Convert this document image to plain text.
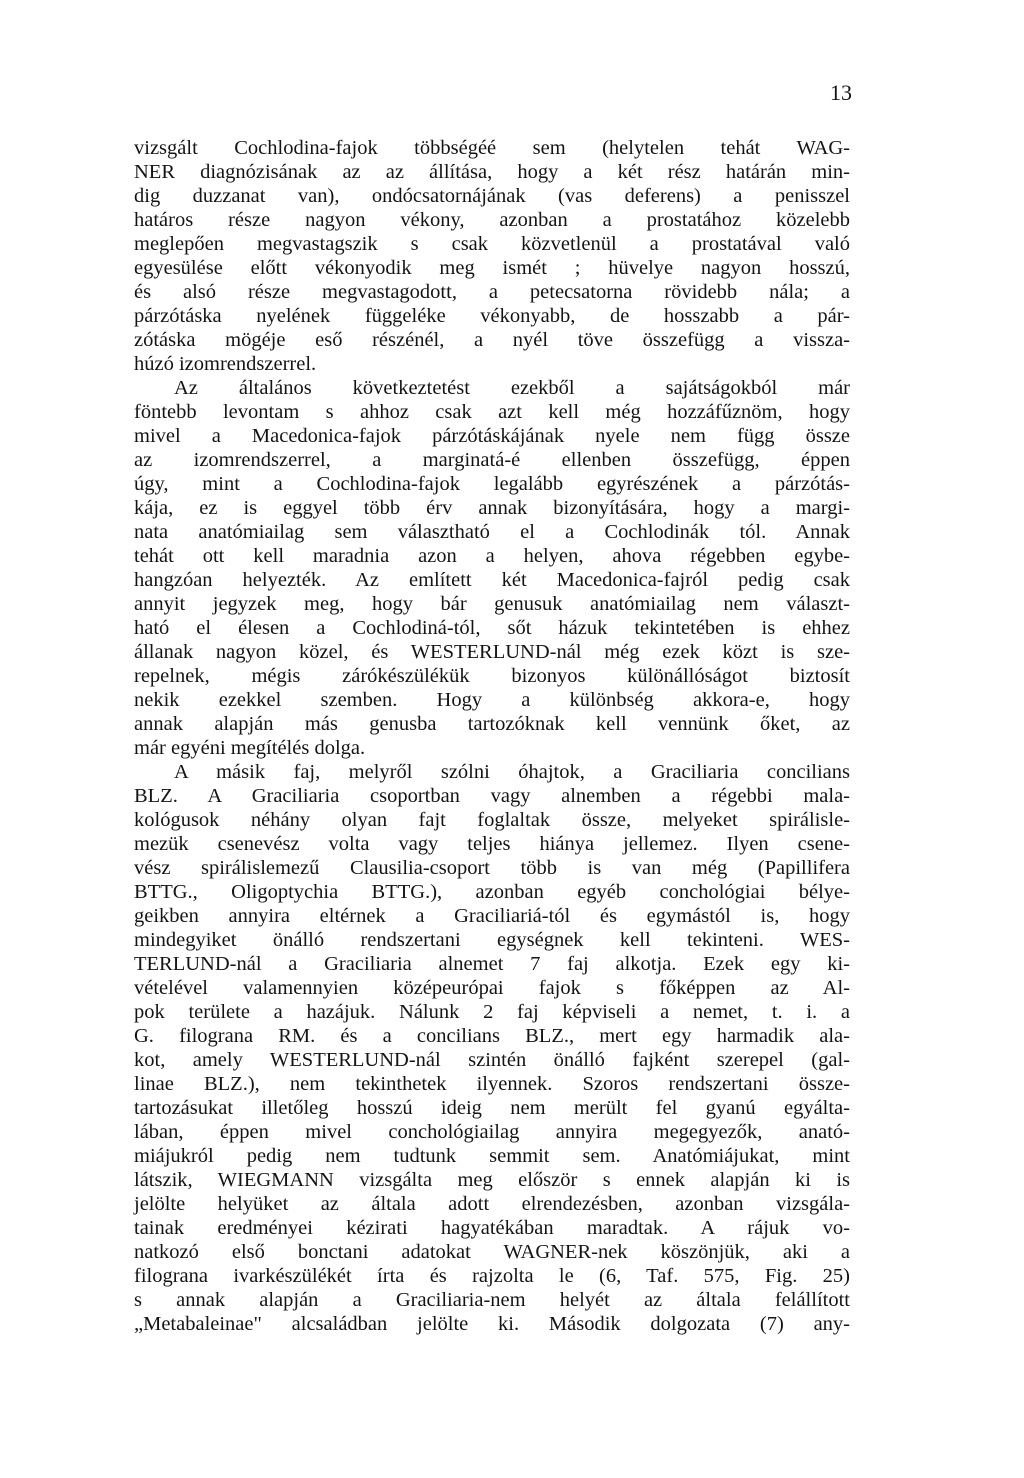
13
vizsgált Cochlodina-fajok többségéé sem (helytelen tehát WAG-
NER diagnózisának az az állítása, hogy a két rész határán min-
dig duzzanat van), ondócsatornájának (vas deferens) a penisszel
határos része nagyon vékony, azonban a prostatához közelebb
meglepően megvastagszik s csak közvetlenül a prostatával való
egyesülése előtt vékonyodik meg ismét ; hüvelye nagyon hosszú,
és alsó része megvastagodott, a petecsatorna rövidebb nála; a
párzótáska nyelének függeléke vékonyabb, de hosszabb a pár-
zótáska mögéje eső részénél, a nyél töve összefügg a vissza-
húzó izomrendszerrel.
Az általános következtetést ezekből a sajátságokból már
föntebb levontam s ahhoz csak azt kell még hozzáfűznöm, hogy
mivel a Macedonica-fajok párzótáskájának nyele nem függ össze
az izomrendszerrel, a marginatá-é ellenben összefügg, éppen
úgy, mint a Cochlodina-fajok legalább egyrészének a párzótás-
kája, ez is eggyel több érv annak bizonyítására, hogy a margi-
nata anatómiailag sem választható el a Cochlodinák tól. Annak
tehát ott kell maradnia azon a helyen, ahova régebben egybe-
hangzóan helyezték. Az említett két Macedonica-fajról pedig csak
annyit jegyzek meg, hogy bár genusuk anatómiailag nem választ-
ható el élesen a Cochlodiná-tól, sőt házuk tekintetében is ehhez
állanak nagyon közel, és WESTERLUND-nál még ezek közt is sze-
repelnek, mégis zárókészülékük bizonyos különállóságot biztosít
nekik ezekkel szemben. Hogy a különbség akkora-e, hogy
annak alapján más genusba tartozóknak kell vennünk őket, az
már egyéni megítélés dolga.
A másik faj, melyről szólni óhajtok, a Graciliaria concilians
BLZ. A Graciliaria csoportban vagy alnemben a régebbi mala-
kológusok néhány olyan fajt foglaltak össze, melyeket spirálisle-
mezük csenevész volta vagy teljes hiánya jellemez. Ilyen csene-
vész spirálislemezű Clausilia-csoport több is van még (Papillifera
BTTG., Oligoptychia BTTG.), azonban egyéb conchológiai bélye-
geikben annyira eltérnek a Graciliariá-tól és egymástól is, hogy
mindegyiket önálló rendszertani egységnek kell tekinteni. WES-
TERLUND-nál a Graciliaria alnemet 7 faj alkotja. Ezek egy ki-
vételével valamennyien középeurópai fajok s főképpen az Al-
pok területe a hazájuk. Nálunk 2 faj képviseli a nemet, t. i. a
G. filograna RM. és a concilians BLZ., mert egy harmadik ala-
kot, amely WESTERLUND-nál szintén önálló fajként szerepel (gal-
linae BLZ.), nem tekinthetek ilyennek. Szoros rendszertani össze-
tartozásukat illetőleg hosszú ideig nem merült fel gyanú egyálta-
lában, éppen mivel conchológiailag annyira megegyezők, anató-
miájukról pedig nem tudtunk semmit sem. Anatómiájukat, mint
látszik, WIEGMANN vizsgálta meg először s ennek alapján ki is
jelölte helyüket az általa adott elrendezésben, azonban vizsgála-
tainak eredményei kézirati hagyatékában maradtak. A rájuk vo-
natkozó első bonctani adatokat WAGNER-nek köszönjük, aki a
filograna ivarkészülékét írta és rajzolta le (6, Taf. 575, Fig. 25)
s annak alapján a Graciliaria-nem helyét az általa felállított
„Metabaleinae" alcsaládban jelölte ki. Második dolgozata (7) any-
